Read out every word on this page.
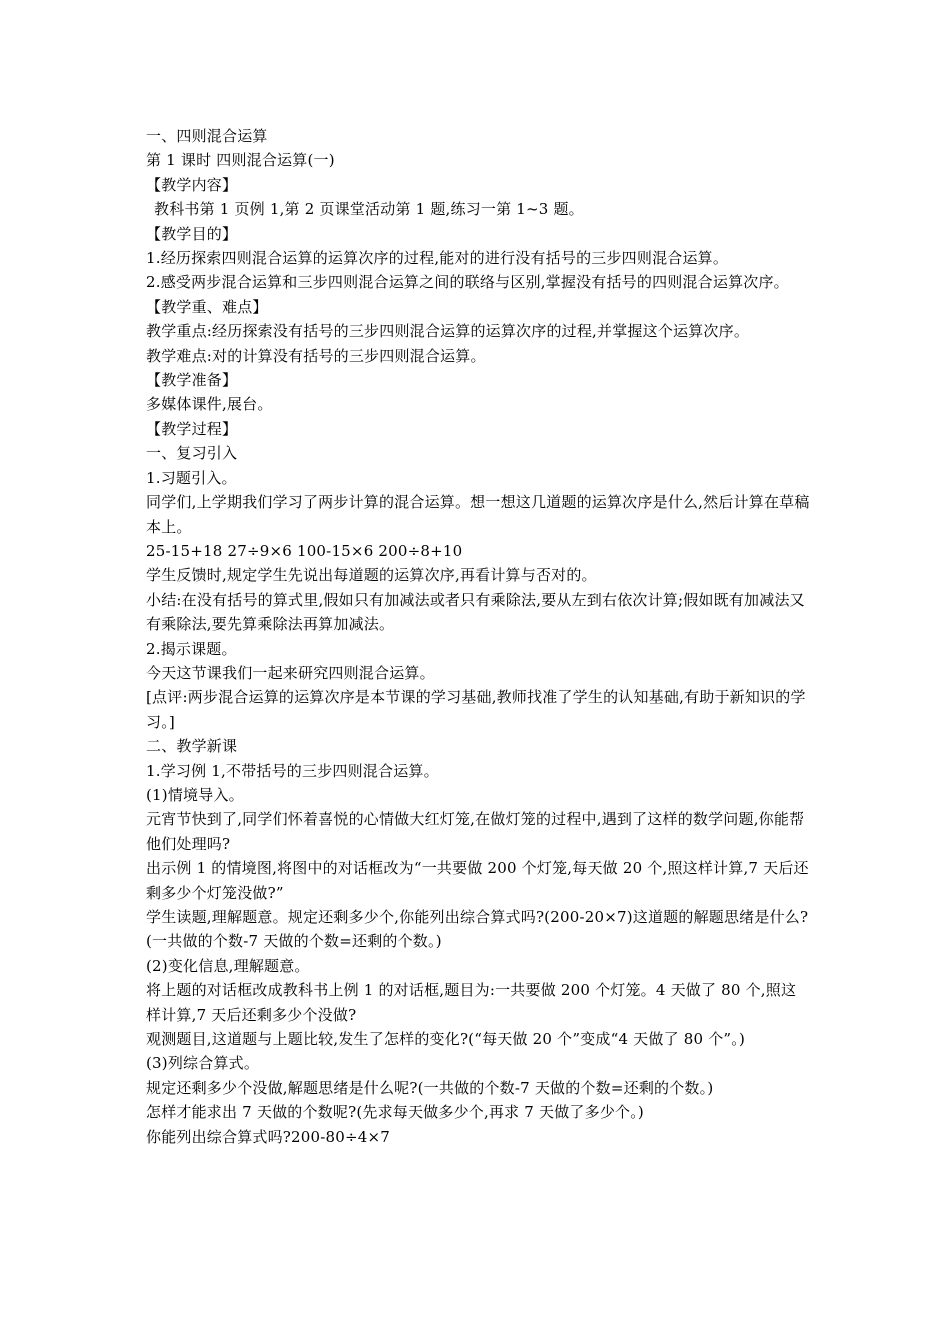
一、四则混合运算
第 1 课时 四则混合运算(一)
【教学内容】
教科书第 1 页例 1,第 2 页课堂活动第 1 题,练习一第 1~3 题。
【教学目的】
1.经历探索四则混合运算的运算次序的过程,能对的进行没有括号的三步四则混合运算。
2.感受两步混合运算和三步四则混合运算之间的联络与区别,掌握没有括号的四则混合运算次序。
【教学重、难点】
教学重点:经历探索没有括号的三步四则混合运算的运算次序的过程,并掌握这个运算次序。
教学难点:对的计算没有括号的三步四则混合运算。
【教学准备】
多媒体课件,展台。
【教学过程】
一、复习引入
1.习题引入。
同学们,上学期我们学习了两步计算的混合运算。想一想这几道题的运算次序是什么,然后计算在草稿本上。
25-15+18 27÷9×6 100-15×6 200÷8+10
学生反馈时,规定学生先说出每道题的运算次序,再看计算与否对的。
小结:在没有括号的算式里,假如只有加减法或者只有乘除法,要从左到右依次计算;假如既有加减法又有乘除法,要先算乘除法再算加减法。
2.揭示课题。
今天这节课我们一起来研究四则混合运算。
[点评:两步混合运算的运算次序是本节课的学习基础,教师找准了学生的认知基础,有助于新知识的学习。]
二、教学新课
1.学习例 1,不带括号的三步四则混合运算。
(1)情境导入。
元宵节快到了,同学们怀着喜悦的心情做大红灯笼,在做灯笼的过程中,遇到了这样的数学问题,你能帮他们处理吗?
出示例 1 的情境图,将图中的对话框改为“一共要做 200 个灯笼,每天做 20 个,照这样计算,7 天后还剩多少个灯笼没做?”
学生读题,理解题意。规定还剩多少个,你能列出综合算式吗?(200-20×7)这道题的解题思绪是什么?(一共做的个数-7 天做的个数=还剩的个数。)
(2)变化信息,理解题意。
将上题的对话框改成教科书上例 1 的对话框,题目为:一共要做 200 个灯笼。4 天做了 80 个,照这样计算,7 天后还剩多少个没做?
观测题目,这道题与上题比较,发生了怎样的变化?(“每天做 20 个”变成“4 天做了 80 个”。)
(3)列综合算式。
规定还剩多少个没做,解题思绪是什么呢?(一共做的个数-7 天做的个数=还剩的个数。)
怎样才能求出 7 天做的个数呢?(先求每天做多少个,再求 7 天做了多少个。)
你能列出综合算式吗?200-80÷4×7
